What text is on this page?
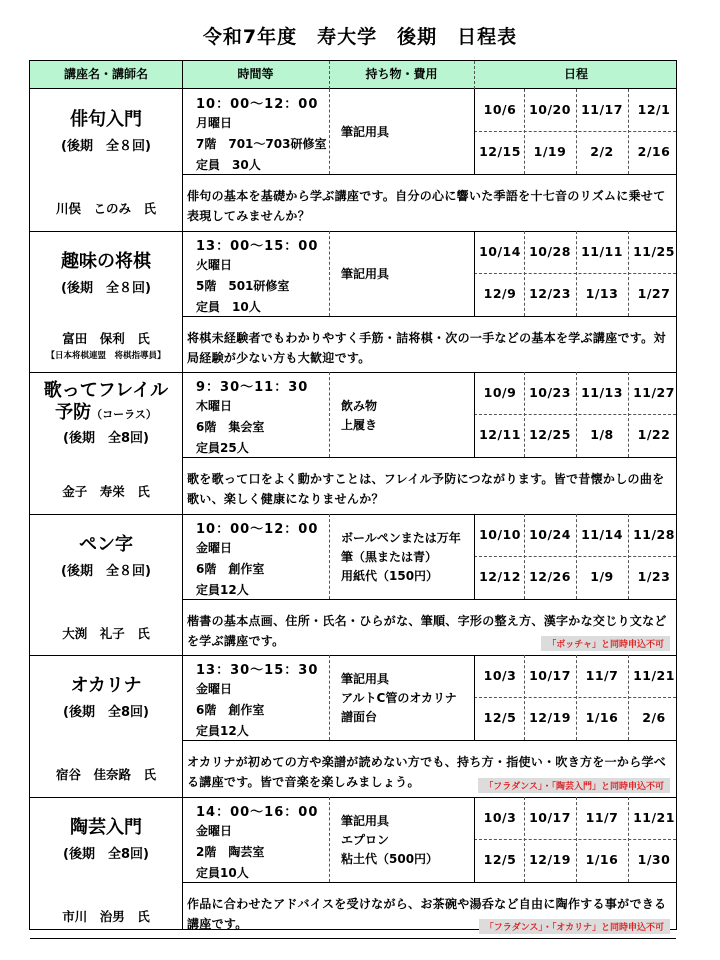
令和7年度　寿大学　後期　日程表
講座名・講師名	時間等	持ち物・費用	日程
俳句入門
(後期　全８回)
川俣　このみ　氏
10：00～12：00
月曜日
7階　701～703研修室
定員　30人
筆記用具
10/6	10/20 11/17	12/1
12/15	1/19	2/2	2/16
俳句の基本を基礎から学ぶ講座です。自分の心に響いた季語を十七音のリズムに乗せて
表現してみませんか？
趣味の将棋
(後期　全８回)
富田　保利　氏
【日本将棋連盟　将棋指導員】
13：00～15：00
火曜日
5階　501研修室
定員　10人
筆記用具
10/14 10/28 11/11 11/25
12/9	12/23	1/13	1/27
将棋未経験者でもわかりやすく手筋・詰将棋・次の一手などの基本を学ぶ講座です。対
局経験が少ない方も大歓迎です。
歌ってフレイル
予防（コーラス）
(後期　全8回)
金子　寿栄　氏
9：30～11：30
木曜日
6階　集会室
定員25人
飲み物
上履き
10/9	10/23 11/13 11/27
12/11 12/25	1/8	1/22
歌を歌って口をよく動かすことは、フレイル予防につながります。皆で昔懐かしの曲を
歌い、楽しく健康になりませんか？
ペン字
(後期　全８回)
大渕　礼子　氏
10：00～12：00
金曜日
6階　創作室
定員12人
ボールペンまたは万年
筆（黒または青）
用紙代（150円）
10/10 10/24 11/14 11/28
12/12 12/26	1/9	1/23
楷書の基本点画、住所・氏名・ひらがな、筆順、字形の整え方、漢字かな交じり文など
を学ぶ講座です。	「ボッチャ」と同時申込不可
オカリナ
(後期　全8回)
宿谷　佳奈路　氏
13：30～15：30
金曜日
6階　創作室
定員12人
筆記用具
アルトC管のオカリナ
譜面台
10/3	10/17	11/7	11/21
12/5	12/19	1/16	2/6
オカリナが初めての方や楽譜が読めない方でも、持ち方・指使い・吹き方を一から学べ
る講座です。皆で音楽を楽しみましょう。	「フラダンス」・「陶芸入門」と同時申込不可
陶芸入門
(後期　全8回)
市川　治男　氏
14：00～16：00
金曜日
2階　陶芸室
定員10人
筆記用具
エプロン
粘土代（500円）
10/3	10/17	11/7	11/21
12/5	12/19	1/16	1/30
作品に合わせたアドバイスを受けながら、お茶碗や湯呑など自由に陶作する事ができる
講座です。	「フラダンス」・「オカリナ」と同時申込不可
